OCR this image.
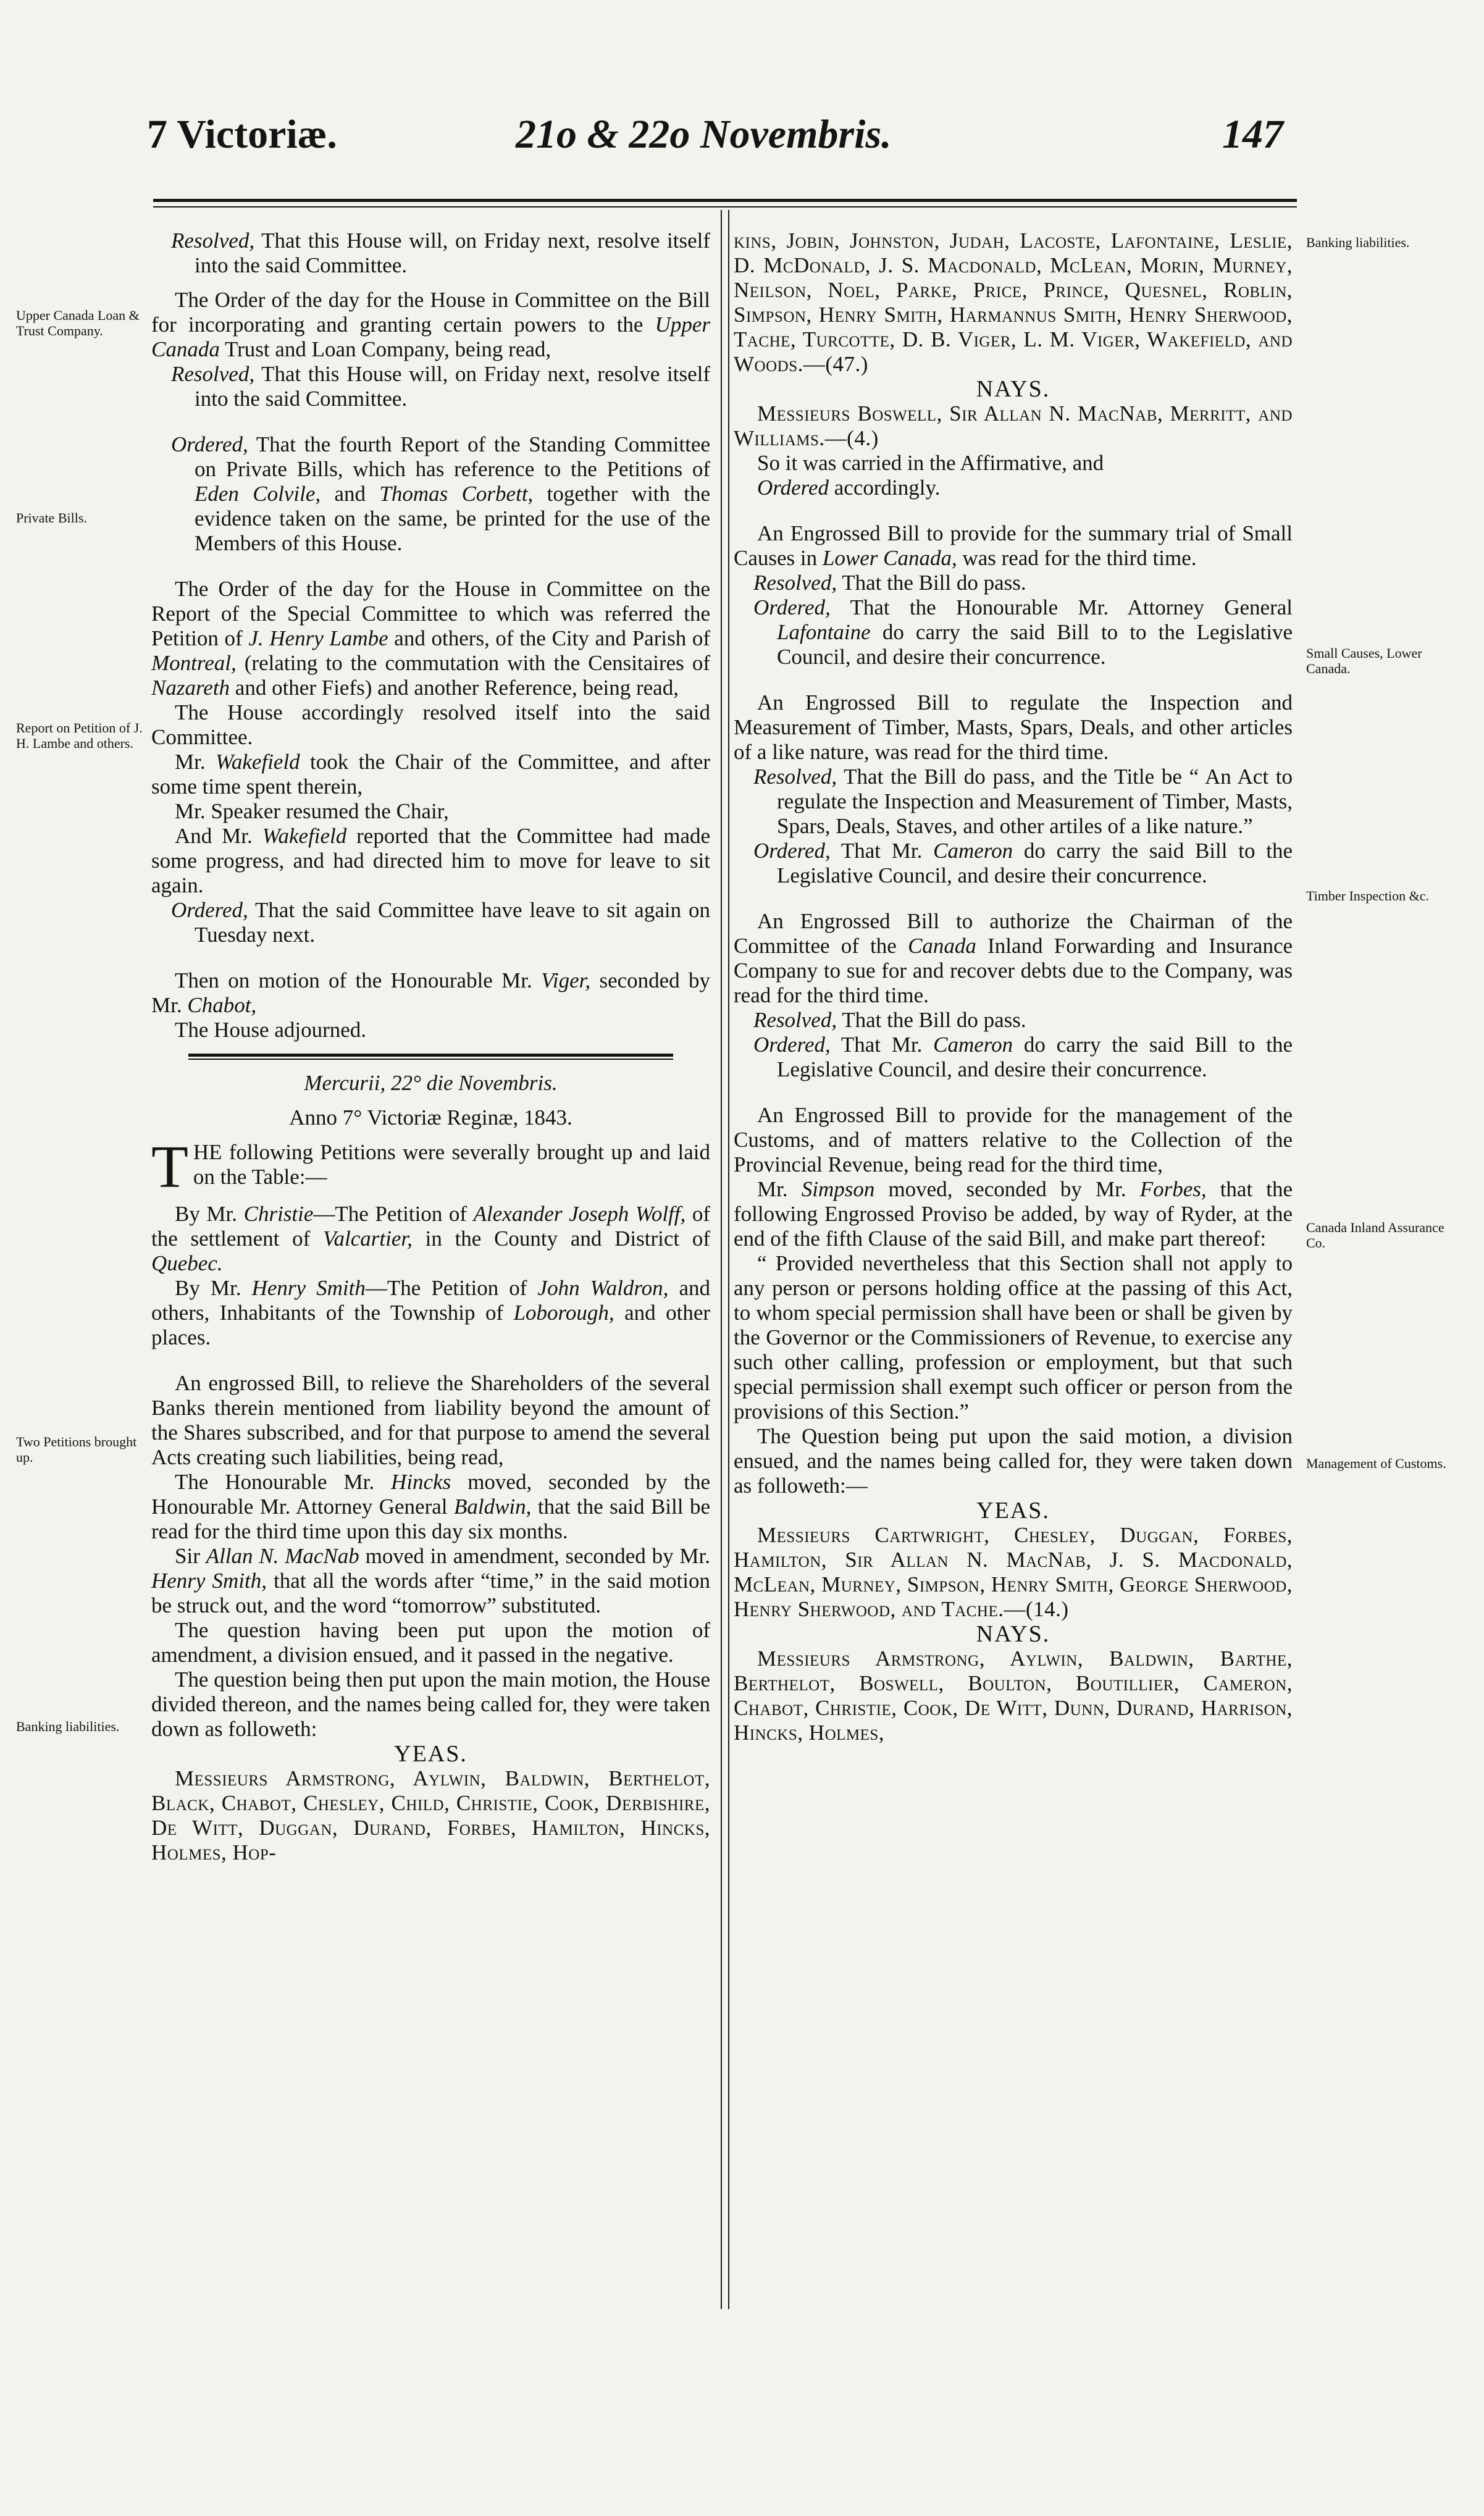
7 Victoriæ.	21o & 22o Novembris.	147
Upper Canada Loan & Trust Company.
Private Bills.
Report on Petition of J. H. Lambe and others.
Two Petitions brought up.
Banking liabilities.
Banking liabilities.
Small Causes, Lower Canada.
Timber Inspection &c.
Canada Inland Assurance Co.
Management of Customs.

Resolved, That this House will, on Friday next, resolve itself into the said Committee.

The Order of the day for the House in Committee on the Bill for incorporating and granting certain powers to the Upper Canada Trust and Loan Company, being read,

Resolved, That this House will, on Friday next, resolve itself into the said Committee.

Ordered, That the fourth Report of the Standing Committee on Private Bills, which has reference to the Petitions of Eden Colvile, and Thomas Corbett, together with the evidence taken on the same, be printed for the use of the Members of this House.

The Order of the day for the House in Committee on the Report of the Special Committee to which was referred the Petition of J. Henry Lambe and others, of the City and Parish of Montreal, (relating to the commutation with the Censitaires of Nazareth and other Fiefs) and another Reference, being read,

The House accordingly resolved itself into the said Committee.

Mr. Wakefield took the Chair of the Committee, and after some time spent therein,

Mr. Speaker resumed the Chair,

And Mr. Wakefield reported that the Committee had made some progress, and had directed him to move for leave to sit again.

Ordered, That the said Committee have leave to sit again on Tuesday next.

Then on motion of the Honourable Mr. Viger, seconded by Mr. Chabot,

The House adjourned.

Mercurii, 22° die Novembris.

Anno 7° Victoriæ Reginæ, 1843.

THE following Petitions were severally brought up and laid on the Table:—

By Mr. Christie—The Petition of Alexander Joseph Wolff, of the settlement of Valcartier, in the County and District of Quebec.

By Mr. Henry Smith—The Petition of John Waldron, and others, Inhabitants of the Township of Loborough, and other places.

An engrossed Bill, to relieve the Shareholders of the several Banks therein mentioned from liability beyond the amount of the Shares subscribed, and for that purpose to amend the several Acts creating such liabilities, being read,

The Honourable Mr. Hincks moved, seconded by the Honourable Mr. Attorney General Baldwin, that the said Bill be read for the third time upon this day six months.

Sir Allan N. MacNab moved in amendment, seconded by Mr. Henry Smith, that all the words after “time,” in the said motion be struck out, and the word “tomorrow” substituted.

The question having been put upon the motion of amendment, a division ensued, and it passed in the negative.

The question being then put upon the main motion, the House divided thereon, and the names being called for, they were taken down as followeth:

YEAS.

Messieurs Armstrong, Aylwin, Baldwin, Berthelot, Black, Chabot, Chesley, Child, Christie, Cook, Derbishire, De Witt, Duggan, Durand, Forbes, Hamilton, Hincks, Holmes, Hop-

kins, Jobin, Johnston, Judah, Lacoste, Lafontaine, Leslie, D. McDonald, J. S. Macdonald, McLean, Morin, Murney, Neilson, Noel, Parke, Price, Prince, Quesnel, Roblin, Simpson, Henry Smith, Harmannus Smith, Henry Sherwood, Tache, Turcotte, D. B. Viger, L. M. Viger, Wakefield, and Woods.—(47.)

NAYS.

Messieurs Boswell, Sir Allan N. MacNab, Merritt, and Williams.—(4.)

So it was carried in the Affirmative, and

Ordered accordingly.

An Engrossed Bill to provide for the summary trial of Small Causes in Lower Canada, was read for the third time.

Resolved, That the Bill do pass.

Ordered, That the Honourable Mr. Attorney General Lafontaine do carry the said Bill to to the Legislative Council, and desire their concurrence.

An Engrossed Bill to regulate the Inspection and Measurement of Timber, Masts, Spars, Deals, and other articles of a like nature, was read for the third time.

Resolved, That the Bill do pass, and the Title be “ An Act to regulate the Inspection and Measurement of Timber, Masts, Spars, Deals, Staves, and other artiles of a like nature.”

Ordered, That Mr. Cameron do carry the said Bill to the Legislative Council, and desire their concurrence.

An Engrossed Bill to authorize the Chairman of the Committee of the Canada Inland Forwarding and Insurance Company to sue for and recover debts due to the Company, was read for the third time.

Resolved, That the Bill do pass.

Ordered, That Mr. Cameron do carry the said Bill to the Legislative Council, and desire their concurrence.

An Engrossed Bill to provide for the management of the Customs, and of matters relative to the Collection of the Provincial Revenue, being read for the third time,

Mr. Simpson moved, seconded by Mr. Forbes, that the following Engrossed Proviso be added, by way of Ryder, at the end of the fifth Clause of the said Bill, and make part thereof:

“ Provided nevertheless that this Section shall not apply to any person or persons holding office at the passing of this Act, to whom special permission shall have been or shall be given by the Governor or the Commissioners of Revenue, to exercise any such other calling, profession or employment, but that such special permission shall exempt such officer or person from the provisions of this Section.”

The Question being put upon the said motion, a division ensued, and the names being called for, they were taken down as followeth:—

YEAS.

Messieurs Cartwright, Chesley, Duggan, Forbes, Hamilton, Sir Allan N. MacNab, J. S. Macdonald, McLean, Murney, Simpson, Henry Smith, George Sherwood, Henry Sherwood, and Tache.—(14.)

NAYS.

Messieurs Armstrong, Aylwin, Baldwin, Barthe, Berthelot, Boswell, Boulton, Boutillier, Cameron, Chabot, Christie, Cook, De Witt, Dunn, Durand, Harrison, Hincks, Holmes,
